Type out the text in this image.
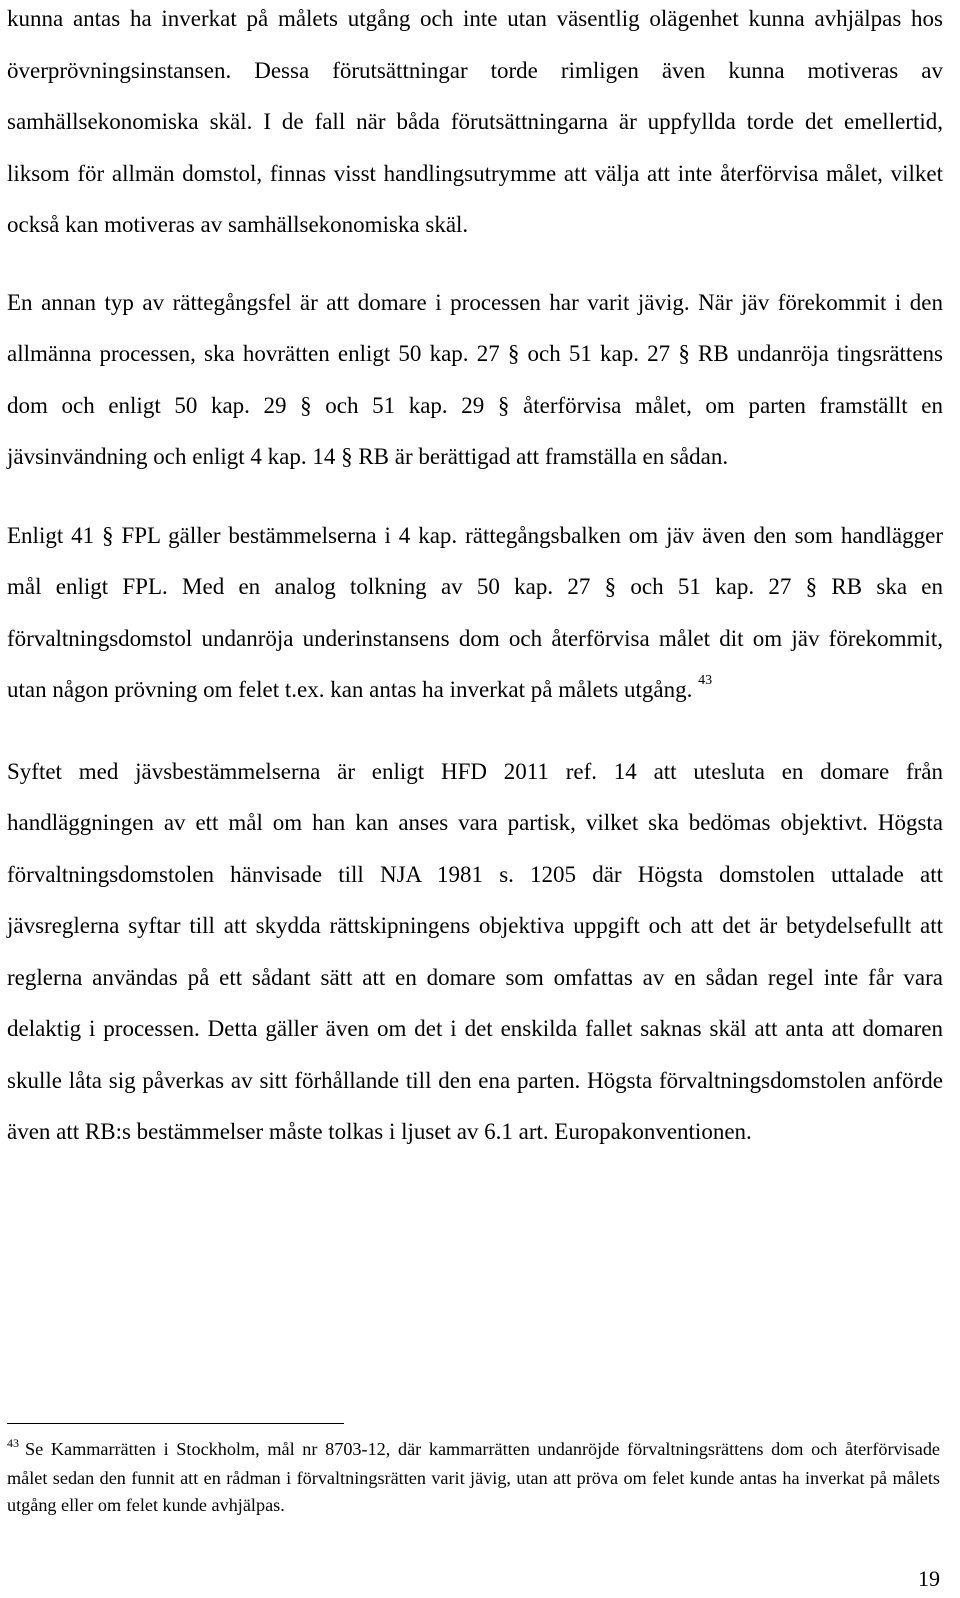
kunna antas ha inverkat på målets utgång och inte utan väsentlig olägenhet kunna avhjälpas hos överprövningsinstansen. Dessa förutsättningar torde rimligen även kunna motiveras av samhällsekonomiska skäl. I de fall när båda förutsättningarna är uppfyllda torde det emellertid, liksom för allmän domstol, finnas visst handlingsutrymme att välja att inte återförvisa målet, vilket också kan motiveras av samhällsekonomiska skäl.

En annan typ av rättegångsfel är att domare i processen har varit jävig. När jäv förekommit i den allmänna processen, ska hovrätten enligt 50 kap. 27 § och 51 kap. 27 § RB undanröja tingsrättens dom och enligt 50 kap. 29 § och 51 kap. 29 § återförvisa målet, om parten framställt en jävsinvändning och enligt 4 kap. 14 § RB är berättigad att framställa en sådan.

Enligt 41 § FPL gäller bestämmelserna i 4 kap. rättegångsbalken om jäv även den som handlägger mål enligt FPL. Med en analog tolkning av 50 kap. 27 § och 51 kap. 27 § RB ska en förvaltningsdomstol undanröja underinstansens dom och återförvisa målet dit om jäv förekommit, utan någon prövning om felet t.ex. kan antas ha inverkat på målets utgång. $^{43}$

Syftet med jävsbestämmelserna är enligt HFD 2011 ref. 14 att utesluta en domare från handläggningen av ett mål om han kan anses vara partisk, vilket ska bedömas objektivt. Högsta förvaltningsdomstolen hänvisade till NJA 1981 s. 1205 där Högsta domstolen uttalade att jävsreglerna syftar till att skydda rättskipningens objektiva uppgift och att det är betydelsefullt att reglerna användas på ett sådant sätt att en domare som omfattas av en sådan regel inte får vara delaktig i processen. Detta gäller även om det i det enskilda fallet saknas skäl att anta att domaren skulle låta sig påverkas av sitt förhållande till den ena parten. Högsta förvaltningsdomstolen anförde även att RB:s bestämmelser måste tolkas i ljuset av 6.1 art. Europakonventionen.

$^{43}$ Se Kammarrätten i Stockholm, mål nr 8703-12, där kammarrätten undanröjde förvaltningsrättens dom och återförvisade målet sedan den funnit att en rådman i förvaltningsrätten varit jävig, utan att pröva om felet kunde antas ha inverkat på målets utgång eller om felet kunde avhjälpas.

19
